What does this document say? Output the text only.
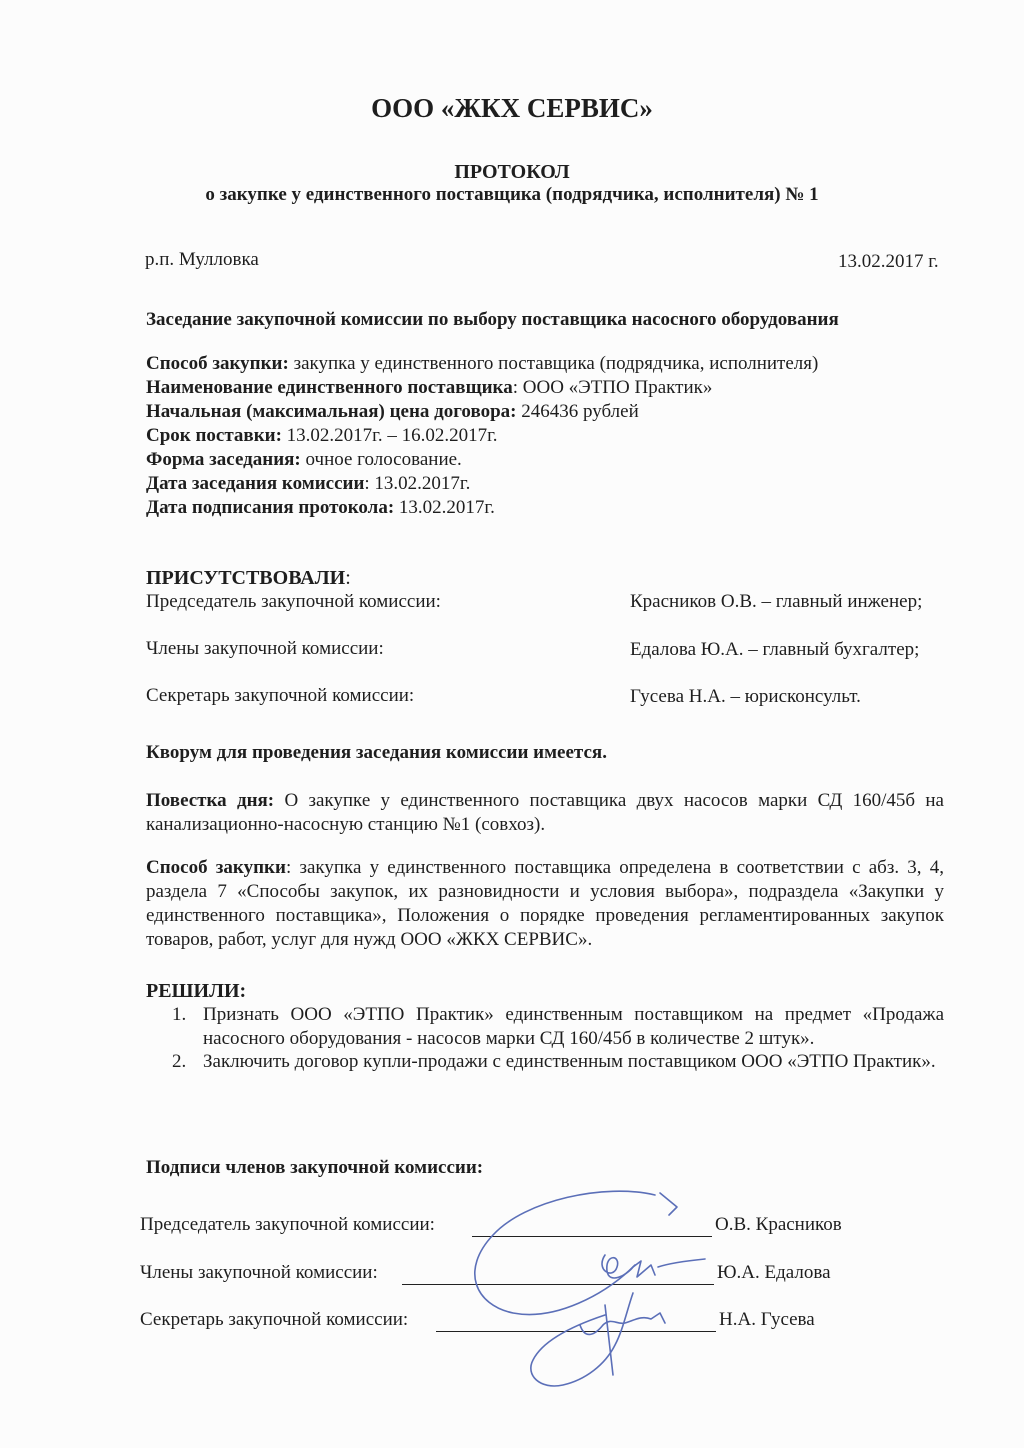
ООО «ЖКХ СЕРВИС»
ПРОТОКОЛ
о закупке у единственного поставщика (подрядчика, исполнителя) № 1
р.п. Мулловка	13.02.2017 г.
Заседание закупочной комиссии по выбору поставщика насосного оборудования
Способ закупки: закупка у единственного поставщика (подрядчика, исполнителя)
Наименование единственного поставщика: ООО «ЭТПО Практик»
Начальная (максимальная) цена договора: 246436 рублей
Срок поставки: 13.02.2017г. – 16.02.2017г.
Форма заседания: очное голосование.
Дата заседания комиссии: 13.02.2017г.
Дата подписания протокола: 13.02.2017г.
ПРИСУТСТВОВАЛИ:
Председатель закупочной комиссии:	Красников О.В. – главный инженер;
Члены закупочной комиссии:	Едалова Ю.А. – главный бухгалтер;
Секретарь закупочной комиссии:	Гусева Н.А. – юрисконсульт.
Кворум для проведения заседания комиссии имеется.
Повестка дня: О закупке у единственного поставщика двух насосов марки СД 160/45б на канализационно-насосную станцию №1 (совхоз).
Способ закупки: закупка у единственного поставщика определена в соответствии с абз. 3, 4, раздела 7 «Способы закупок, их разновидности и условия выбора», подраздела «Закупки у единственного поставщика», Положения о порядке проведения регламентированных закупок товаров, работ, услуг для нужд ООО «ЖКХ СЕРВИС».
РЕШИЛИ:
1. Признать ООО «ЭТПО Практик» единственным поставщиком на предмет «Продажа насосного оборудования - насосов марки СД 160/45б в количестве 2 штук».
2. Заключить договор купли-продажи с единственным поставщиком ООО «ЭТПО Практик».
Подписи членов закупочной комиссии:
Председатель закупочной комиссии:	О.В. Красников
Члены закупочной комиссии:	Ю.А. Едалова
Секретарь закупочной комиссии:	Н.А. Гусева
